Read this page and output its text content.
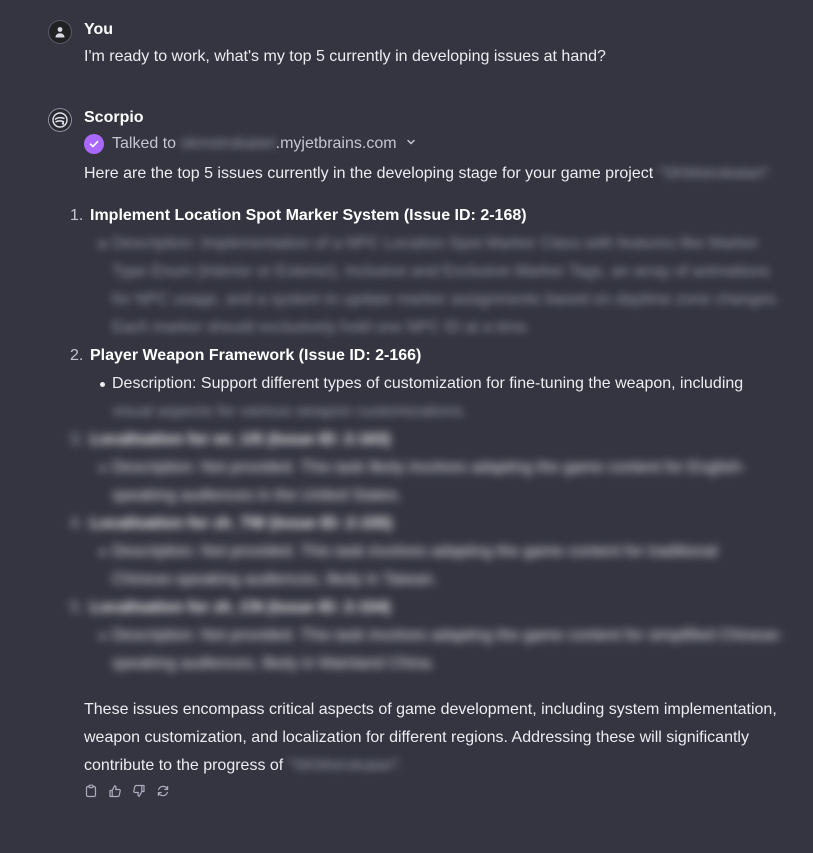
You
I'm ready to work, what's my top 5 currently in developing issues at hand?
Scorpio
Talked to skmstrokatari.myjetbrains.com
Here are the top 5 issues currently in the developing stage for your game project "SKMstrokatari".
1. Implement Location Spot Marker System (Issue ID: 2-168)
Description: Implementation of a NPC Location Spot Marker Class with features like Marker Type Enum (Interior or Exterior), Inclusive and Exclusive Marker Tags, an array of animations for NPC usage, and a system to update marker assignments based on daytime zone changes. Each marker should exclusively hold one NPC ID at a time.
2. Player Weapon Framework (Issue ID: 2-166)
Description: Support different types of customization for fine-tuning the weapon, including
visual aspects for various weapon customizations.
3. Localisation for en_US (Issue ID: 2-163)
Description: Not provided. This task likely involves adapting the game content for English-speaking audiences in the United States.
4. Localisation for zh_TW (Issue ID: 2-155)
Description: Not provided. This task involves adapting the game content for traditional Chinese-speaking audiences, likely in Taiwan.
5. Localisation for zh_CN (Issue ID: 2-154)
Description: Not provided. This task involves adapting the game content for simplified Chinese-speaking audiences, likely in Mainland China.
These issues encompass critical aspects of game development, including system implementation, weapon customization, and localization for different regions. Addressing these will significantly contribute to the progress of "SKMstrokatari".
